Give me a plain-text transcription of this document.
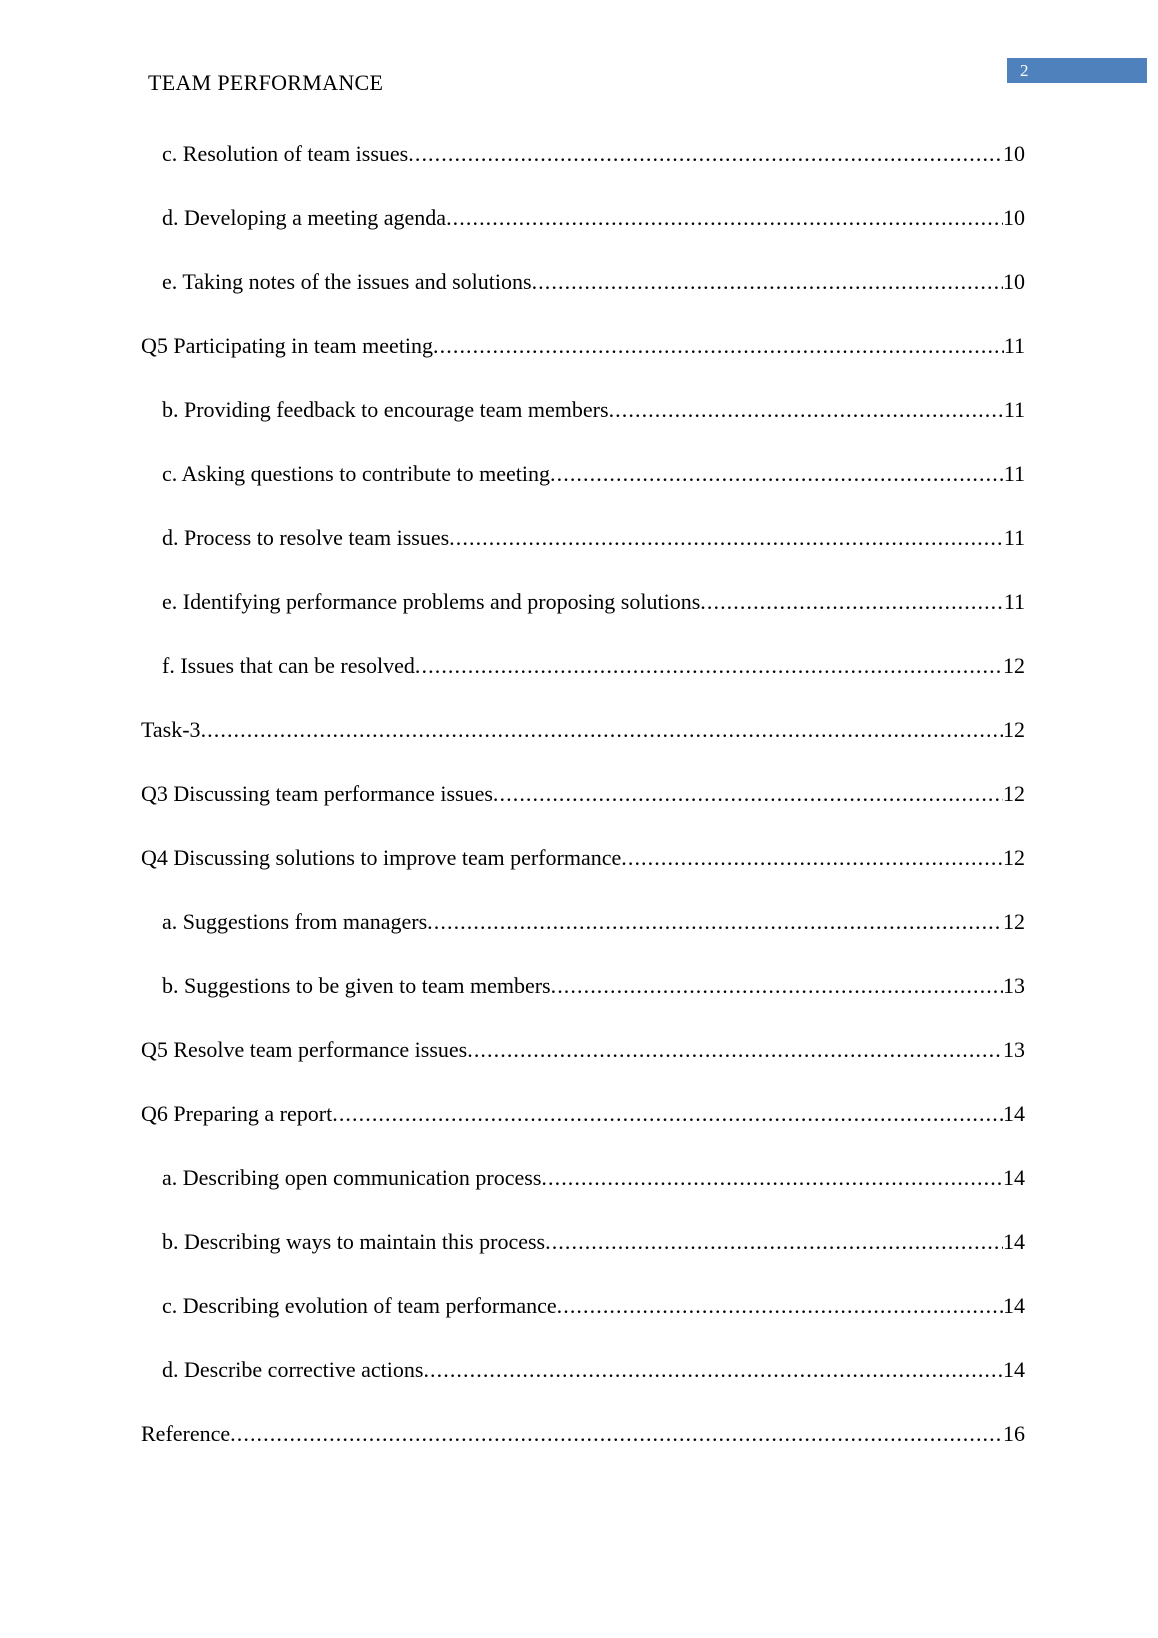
2
TEAM PERFORMANCE
c. Resolution of team issues .....	10
d. Developing a meeting agenda .....	10
e. Taking notes of the issues and solutions .....	10
Q5 Participating in team meeting .....	11
b. Providing feedback to encourage team members .....	11
c. Asking questions to contribute to meeting .....	11
d. Process to resolve team issues .....	11
e. Identifying performance problems and proposing solutions .....	11
f. Issues that can be resolved .....	12
Task-3 .....	12
Q3 Discussing team performance issues .....	12
Q4 Discussing solutions to improve team performance .....	12
a. Suggestions from managers .....	12
b. Suggestions to be given to team members .....	13
Q5 Resolve team performance issues .....	13
Q6 Preparing a report .....	14
a. Describing open communication process .....	14
b. Describing ways to maintain this process .....	14
c. Describing evolution of team performance .....	14
d. Describe corrective actions .....	14
Reference .....	16
